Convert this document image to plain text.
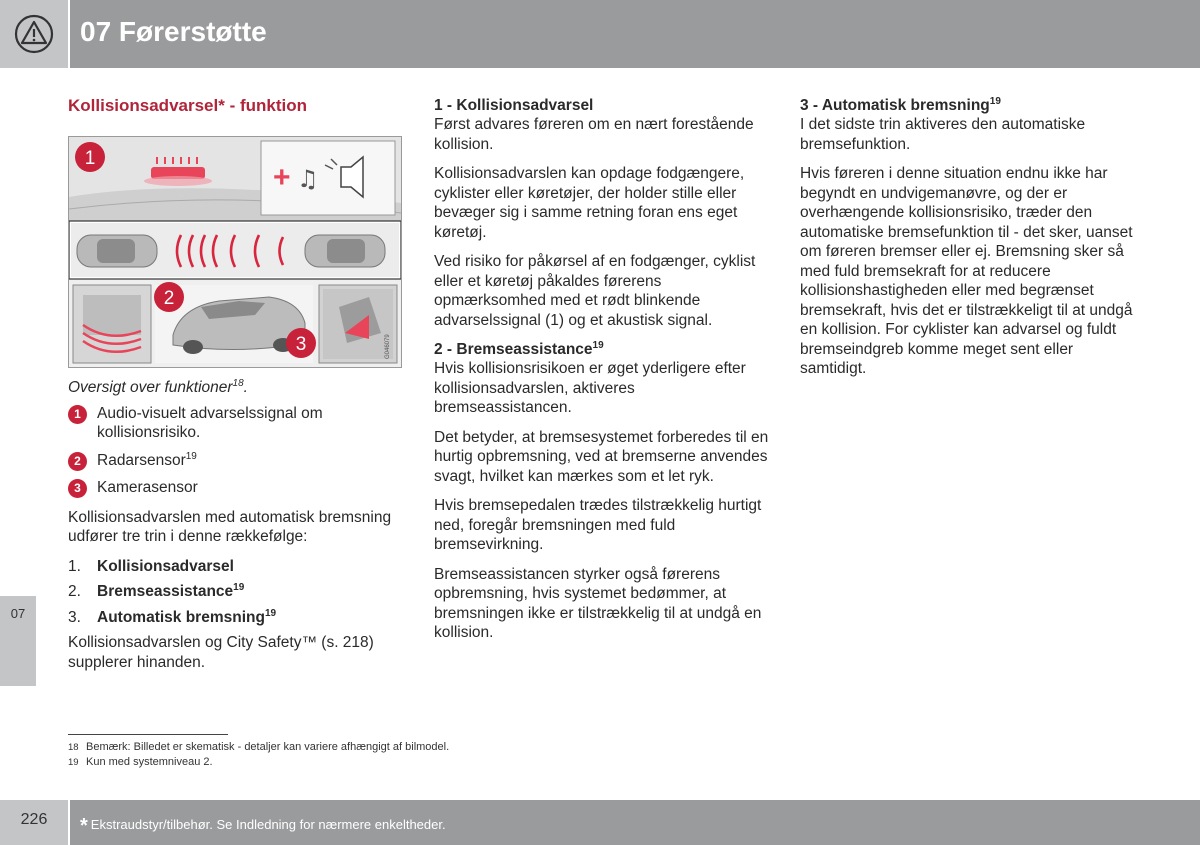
07 Førerstøtte
07
Kollisionsadvarsel* - funktion
+ ♫
1
2
3	G046079
Oversigt over funktioner$^{18}$.
1	Audio-visuelt advarselssignal om kollisionsrisiko.
2	Radarsensor$^{19}$
3	Kamerasensor

Kollisionsadvarslen med automatisk bremsning udfører tre trin i denne rækkefølge:

1. Kollisionsadvarsel
2. Bremseassistance$^{19}$
3. Automatisk bremsning$^{19}$

Kollisionsadvarslen og City Safety™ (s. 218) supplerer hinanden.

1 - Kollisionsadvarsel

Først advares føreren om en nært forestående kollision.

Kollisionsadvarslen kan opdage fodgængere, cyklister eller køretøjer, der holder stille eller bevæger sig i samme retning foran ens eget køretøj.

Ved risiko for påkørsel af en fodgænger, cyklist eller et køretøj påkaldes førerens opmærksomhed med et rødt blinkende advarselssignal (1) og et akustisk signal.

2 - Bremseassistance$^{19}$

Hvis kollisionsrisikoen er øget yderligere efter kollisionsadvarslen, aktiveres bremseassistancen.

Det betyder, at bremsesystemet forberedes til en hurtig opbremsning, ved at bremserne anvendes svagt, hvilket kan mærkes som et let ryk.

Hvis bremsepedalen trædes tilstrækkelig hurtigt ned, foregår bremsningen med fuld bremsevirkning.

Bremseassistancen styrker også førerens opbremsning, hvis systemet bedømmer, at bremsningen ikke er tilstrækkelig til at undgå en kollision.

3 - Automatisk bremsning$^{19}$

I det sidste trin aktiveres den automatiske bremsefunktion.

Hvis føreren i denne situation endnu ikke har begyndt en undvigemanøvre, og der er overhængende kollisionsrisiko, træder den automatiske bremsefunktion til - det sker, uanset om føreren bremser eller ej. Bremsning sker så med fuld bremsekraft for at reducere kollisionshastigheden eller med begrænset bremsekraft, hvis det er tilstrækkeligt til at undgå en kollision. For cyklister kan advarsel og fuldt bremseindgreb komme meget sent eller samtidigt.

18 Bemærk: Billedet er skematisk - detaljer kan variere afhængigt af bilmodel.
19 Kun med systemniveau 2.
226	* Ekstraudstyr/tilbehør. Se Indledning for nærmere enkeltheder.
